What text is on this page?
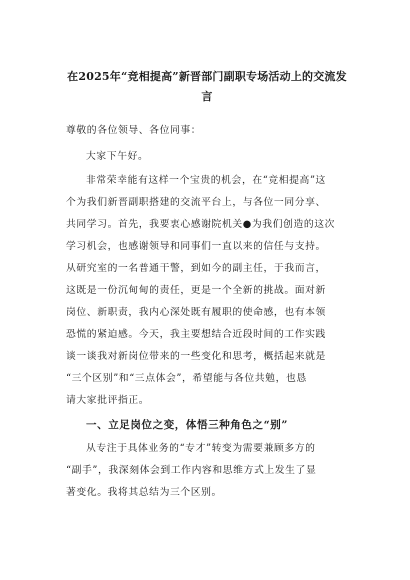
在2025年“竞相提高”新晋部门副职专场活动上的交流发
言
尊敬的各位领导、各位同事：
大家下午好。
非常荣幸能有这样一个宝贵的机会，在“竞相提高”这
个为我们新晋副职搭建的交流平台上，与各位一同分享、
共同学习。首先，我要衷心感谢院机关●为我们创造的这次
学习机会，也感谢领导和同事们一直以来的信任与支持。
从研究室的一名普通干警，到如今的副主任，于我而言，
这既是一份沉甸甸的责任，更是一个全新的挑战。面对新
岗位、新职责，我内心深处既有履职的使命感，也有本领
恐慌的紧迫感。今天，我主要想结合近段时间的工作实践
谈一谈我对新岗位带来的一些变化和思考，概括起来就是
“三个区别”和“三点体会”，希望能与各位共勉，也恳
请大家批评指正。
一、立足岗位之变，体悟三种角色之“别”
从专注于具体业务的“专才”转变为需要兼顾多方的
“副手”，我深刻体会到工作内容和思维方式上发生了显
著变化。我将其总结为三个区别。
